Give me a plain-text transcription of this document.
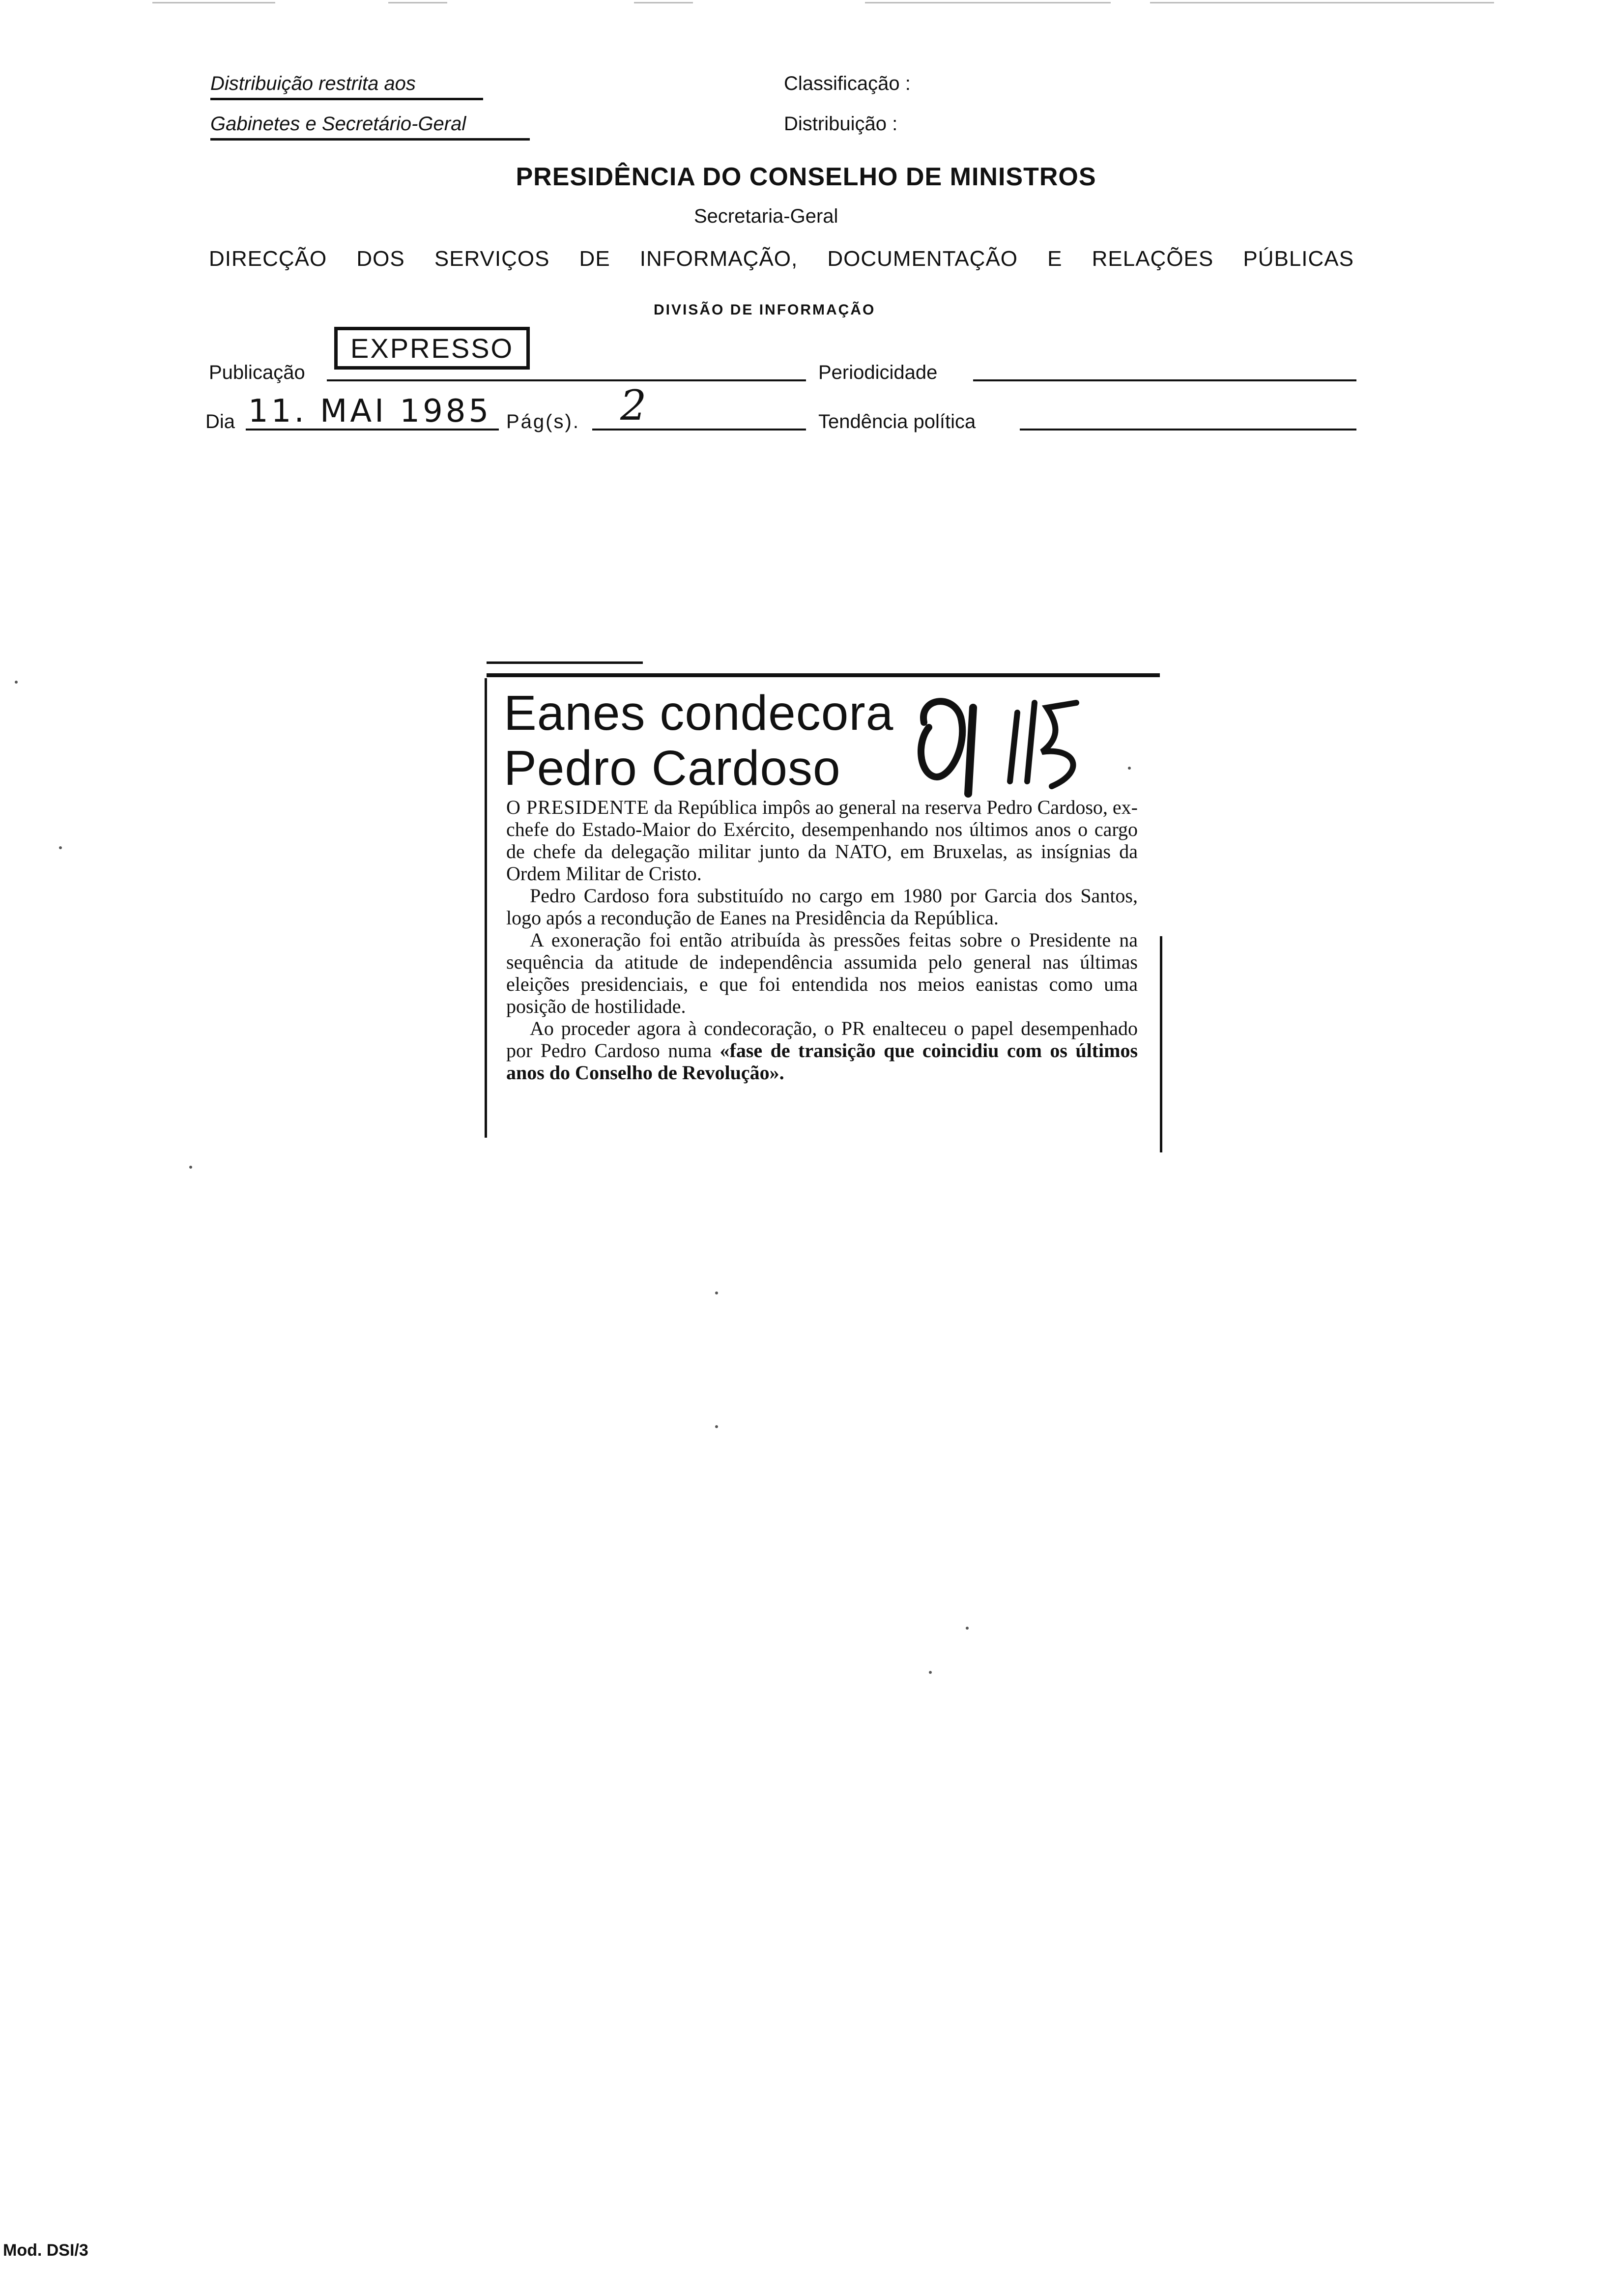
Distribuição restrita aos
Gabinetes e Secretário-Geral
Classificação :
Distribuição :
PRESIDÊNCIA DO CONSELHO DE MINISTROS
Secretaria-Geral
DIRECÇÃO DOS SERVIÇOS DE INFORMAÇÃO, DOCUMENTAÇÃO E RELAÇÕES PÚBLICAS
DIVISÃO DE INFORMAÇÃO
Publicação
EXPRESSO
Periodicidade
Dia 11. MAI 1985 Pág(s). 2	Tendência política
Eanes condecora
Pedro Cardoso
0115

O PRESIDENTE da República impôs ao general na reserva Pedro Cardoso, ex-chefe do Estado-Maior do Exército, desempenhando nos últimos anos o cargo de chefe da delegação militar junto da NATO, em Bruxelas, as insígnias da Ordem Militar de Cristo.

Pedro Cardoso fora substituído no cargo em 1980 por Garcia dos Santos, logo após a recondução de Eanes na Presidência da República.

A exoneração foi então atribuída às pressões feitas sobre o Presidente na sequência da atitude de independência assumida pelo general nas últimas eleições presidenciais, e que foi entendida nos meios eanistas como uma posição de hostilidade.

Ao proceder agora à condecoração, o PR enalteceu o papel desempenhado por Pedro Cardoso numa «fase de transição que coincidiu com os últimos anos do Conselho de Revolução».

Mod. DSI/3
